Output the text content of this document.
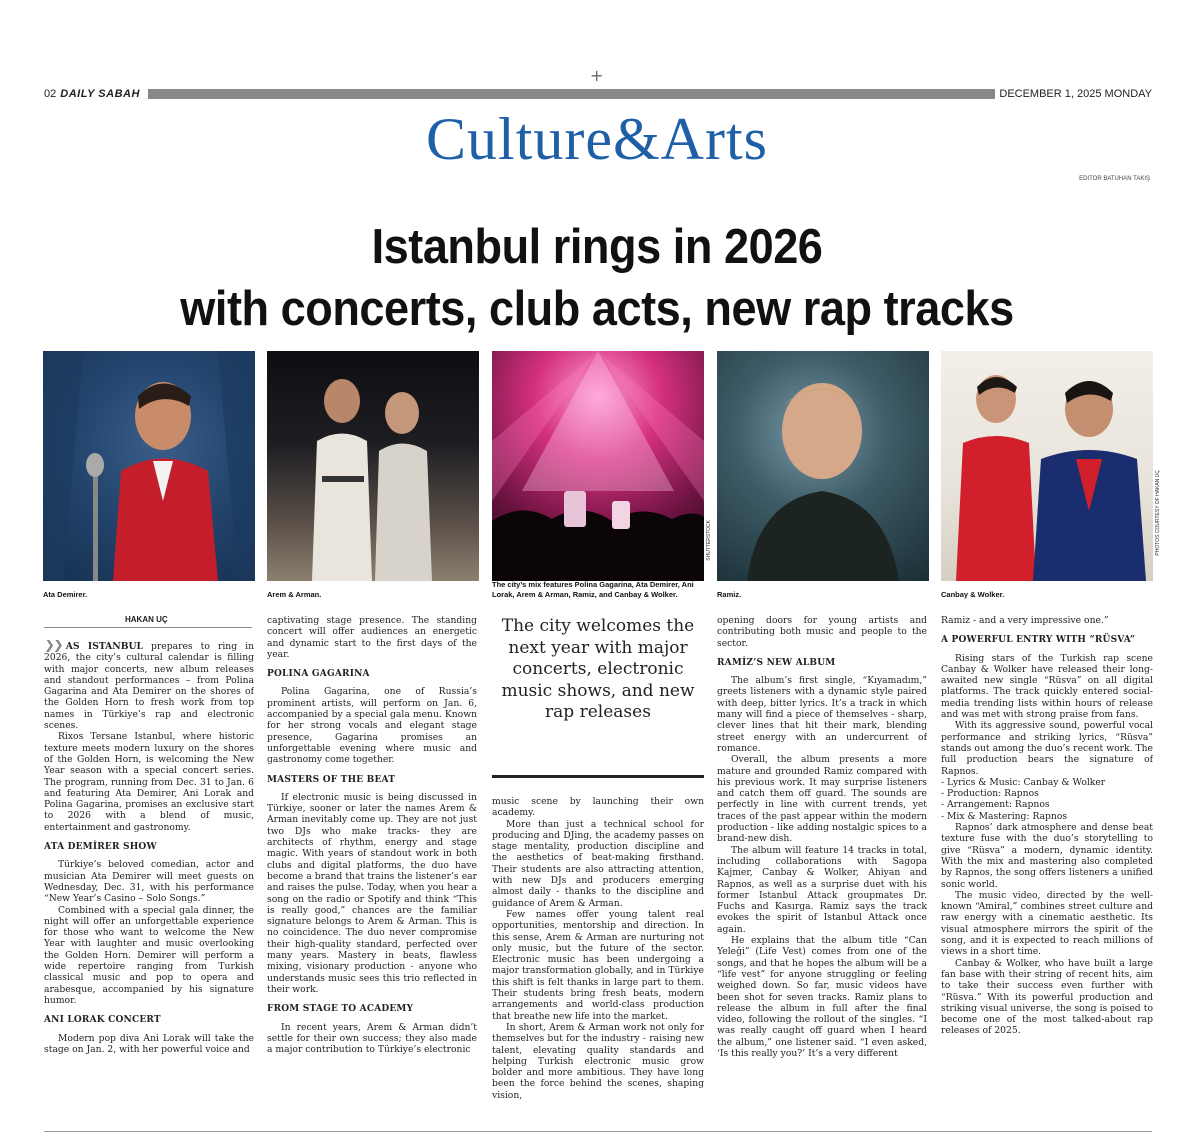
+
02 DAILY SABAH	DECEMBER 1, 2025 MONDAY
Culture&Arts
EDITOR BATUHAN TAKIŞ
Istanbul rings in 2026
with concerts, club acts, new rap tracks
SHUTTERSTOCK	PHOTOS COURTESY OF HAKAN UÇ
Ata Demirer.	Arem & Arman.
The city’s mix features Polina Gagarina, Ata Demirer, Ani Lorak, Arem & Arman, Ramiz, and Canbay & Wolker.	Ramiz.	Canbay & Wolker.
HAKAN UÇ

❯❯ AS ISTANBUL prepares to ring in 2026, the city’s cultural calendar is filling with major concerts, new album releases and standout performances – from Polina Gagarina and Ata Demirer on the shores of the Golden Horn to fresh work from top names in Türkiye’s rap and electronic scenes.

Rixos Tersane Istanbul, where historic texture meets modern luxury on the shores of the Golden Horn, is welcoming the New Year season with a special concert series. The program, running from Dec. 31 to Jan. 6 and featuring Ata Demirer, Ani Lorak and Polina Gagarina, promises an exclusive start to 2026 with a blend of music, entertainment and gastronomy.

ATA DEMİRER SHOW

Türkiye’s beloved comedian, actor and musician Ata Demirer will meet guests on Wednesday, Dec. 31, with his performance “New Year’s Casino – Solo Songs.”

Combined with a special gala dinner, the night will offer an unforgettable experience for those who want to welcome the New Year with laughter and music overlooking the Golden Horn. Demirer will perform a wide repertoire ranging from Turkish classical music and pop to opera and arabesque, accompanied by his signature humor.

ANI LORAK CONCERT

Modern pop diva Ani Lorak will take the stage on Jan. 2, with her powerful voice and

captivating stage presence. The standing concert will offer audiences an energetic and dynamic start to the first days of the year.

POLINA GAGARINA

Polina Gagarina, one of Russia’s prominent artists, will perform on Jan. 6, accompanied by a special gala menu. Known for her strong vocals and elegant stage presence, Gagarina promises an unforgettable evening where music and gastronomy come together.

MASTERS OF THE BEAT

If electronic music is being discussed in Türkiye, sooner or later the names Arem & Arman inevitably come up. They are not just two DJs who make tracks- they are architects of rhythm, energy and stage magic. With years of standout work in both clubs and digital platforms, the duo have become a brand that trains the listener’s ear and raises the pulse. Today, when you hear a song on the radio or Spotify and think “This is really good,” chances are the familiar signature belongs to Arem & Arman. This is no coincidence. The duo never compromise their high-quality standard, perfected over many years. Mastery in beats, flawless mixing, visionary production - anyone who understands music sees this trio reflected in their work.

FROM STAGE TO ACADEMY

In recent years, Arem & Arman didn’t settle for their own success; they also made a major contribution to Türkiye’s electronic

The city welcomes the next year with major concerts, electronic music shows, and new rap releases

music scene by launching their own academy.

More than just a technical school for producing and DJing, the academy passes on stage mentality, production discipline and the aesthetics of beat-making firsthand. Their students are also attracting attention, with new DJs and producers emerging almost daily - thanks to the discipline and guidance of Arem & Arman.

Few names offer young talent real opportunities, mentorship and direction. In this sense, Arem & Arman are nurturing not only music, but the future of the sector. Electronic music has been undergoing a major transformation globally, and in Türkiye this shift is felt thanks in large part to them. Their students bring fresh beats, modern arrangements and world-class production that breathe new life into the market.

In short, Arem & Arman work not only for themselves but for the industry - raising new talent, elevating quality standards and helping Turkish electronic music grow bolder and more ambitious. They have long been the force behind the scenes, shaping vision,

opening doors for young artists and contributing both music and people to the sector.

RAMİZ’S NEW ALBUM

The album’s first single, “Kıyamadım,” greets listeners with a dynamic style paired with deep, bitter lyrics. It’s a track in which many will find a piece of themselves - sharp, clever lines that hit their mark, blending street energy with an undercurrent of romance.

Overall, the album presents a more mature and grounded Ramiz compared with his previous work. It may surprise listeners and catch them off guard. The sounds are perfectly in line with current trends, yet traces of the past appear within the modern production - like adding nostalgic spices to a brand-new dish.

The album will feature 14 tracks in total, including collaborations with Sagopa Kajmer, Canbay & Wolker, Ahiyan and Rapnos, as well as a surprise duet with his former Istanbul Attack groupmates Dr. Fuchs and Kasırga. Ramiz says the track evokes the spirit of Istanbul Attack once again.

He explains that the album title “Can Yeleği” (Life Vest) comes from one of the songs, and that he hopes the album will be a “life vest” for anyone struggling or feeling weighed down. So far, music videos have been shot for seven tracks. Ramiz plans to release the album in full after the final video, following the rollout of the singles. “I was really caught off guard when I heard the album,” one listener said. “I even asked, ‘Is this really you?’ It’s a very different

Ramiz - and a very impressive one.”

A POWERFUL ENTRY WITH “RÜSVA”

Rising stars of the Turkish rap scene Canbay & Wolker have released their long-awaited new single “Rüsva” on all digital platforms. The track quickly entered social-media trending lists within hours of release and was met with strong praise from fans.

With its aggressive sound, powerful vocal performance and striking lyrics, “Rüsva” stands out among the duo’s recent work. The full production bears the signature of Rapnos.

- Lyrics & Music: Canbay & Wolker

- Production: Rapnos

- Arrangement: Rapnos

- Mix & Mastering: Rapnos

Rapnos’ dark atmosphere and dense beat texture fuse with the duo’s storytelling to give “Rüsva” a modern, dynamic identity. With the mix and mastering also completed by Rapnos, the song offers listeners a unified sonic world.

The music video, directed by the well-known “Amiral,” combines street culture and raw energy with a cinematic aesthetic. Its visual atmosphere mirrors the spirit of the song, and it is expected to reach millions of views in a short time.

Canbay & Wolker, who have built a large fan base with their string of recent hits, aim to take their success even further with “Rüsva.” With its powerful production and striking visual universe, the song is poised to become one of the most talked-about rap releases of 2025.
